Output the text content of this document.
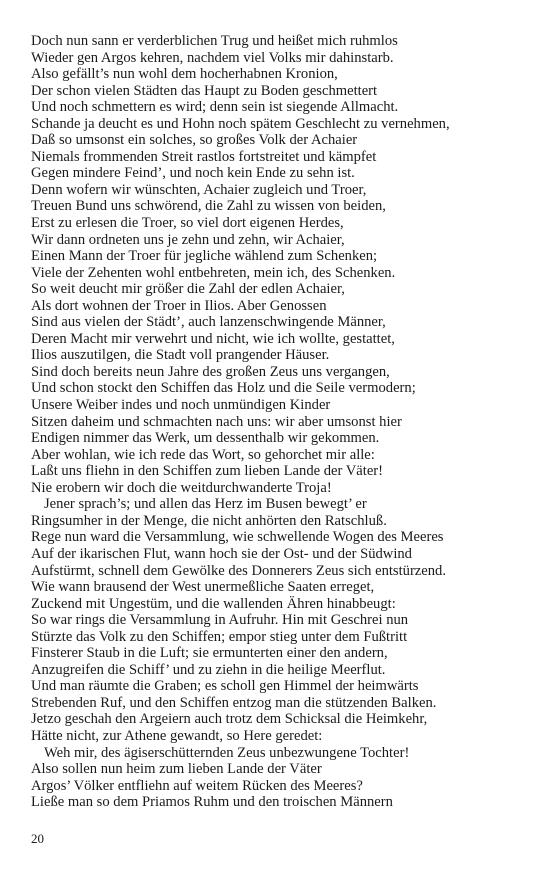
Doch nun sann er verderblichen Trug und heißet mich ruhmlos

Wieder gen Argos kehren, nachdem viel Volks mir dahinstarb.

Also gefällt’s nun wohl dem hocherhabnen Kronion,

Der schon vielen Städten das Haupt zu Boden geschmettert

Und noch schmettern es wird; denn sein ist siegende Allmacht.

Schande ja deucht es und Hohn noch spätem Geschlecht zu vernehmen,

Daß so umsonst ein solches, so großes Volk der Achaier

Niemals frommenden Streit rastlos fortstreitet und kämpfet

Gegen mindere Feind’, und noch kein Ende zu sehn ist.

Denn wofern wir wünschten, Achaier zugleich und Troer,

Treuen Bund uns schwörend, die Zahl zu wissen von beiden,

Erst zu erlesen die Troer, so viel dort eigenen Herdes,

Wir dann ordneten uns je zehn und zehn, wir Achaier,

Einen Mann der Troer für jegliche wählend zum Schenken;

Viele der Zehenten wohl entbehreten, mein ich, des Schenken.

So weit deucht mir größer die Zahl der edlen Achaier,

Als dort wohnen der Troer in Ilios. Aber Genossen

Sind aus vielen der Städt’, auch lanzenschwingende Männer,

Deren Macht mir verwehrt und nicht, wie ich wollte, gestattet,

Ilios auszutilgen, die Stadt voll prangender Häuser.

Sind doch bereits neun Jahre des großen Zeus uns vergangen,

Und schon stockt den Schiffen das Holz und die Seile vermodern;

Unsere Weiber indes und noch unmündigen Kinder

Sitzen daheim und schmachten nach uns: wir aber umsonst hier

Endigen nimmer das Werk, um dessenthalb wir gekommen.

Aber wohlan, wie ich rede das Wort, so gehorchet mir alle:

Laßt uns fliehn in den Schiffen zum lieben Lande der Väter!

Nie erobern wir doch die weitdurchwanderte Troja!

Jener sprach’s; und allen das Herz im Busen bewegt’ er

Ringsumher in der Menge, die nicht anhörten den Ratschluß.

Rege nun ward die Versammlung, wie schwellende Wogen des Meeres

Auf der ikarischen Flut, wann hoch sie der Ost- und der Südwind

Aufstürmt, schnell dem Gewölke des Donnerers Zeus sich entstürzend.

Wie wann brausend der West unermeßliche Saaten erreget,

Zuckend mit Ungestüm, und die wallenden Ähren hinabbeugt:

So war rings die Versammlung in Aufruhr. Hin mit Geschrei nun

Stürzte das Volk zu den Schiffen; empor stieg unter dem Fußtritt

Finsterer Staub in die Luft; sie ermunterten einer den andern,

Anzugreifen die Schiff’ und zu ziehn in die heilige Meerflut.

Und man räumte die Graben; es scholl gen Himmel der heimwärts

Strebenden Ruf, und den Schiffen entzog man die stützenden Balken.

Jetzo geschah den Argeiern auch trotz dem Schicksal die Heimkehr,

Hätte nicht, zur Athene gewandt, so Here geredet:

Weh mir, des ägiserschütternden Zeus unbezwungene Tochter!

Also sollen nun heim zum lieben Lande der Väter

Argos’ Völker entfliehn auf weitem Rücken des Meeres?

Ließe man so dem Priamos Ruhm und den troischen Männern

20
